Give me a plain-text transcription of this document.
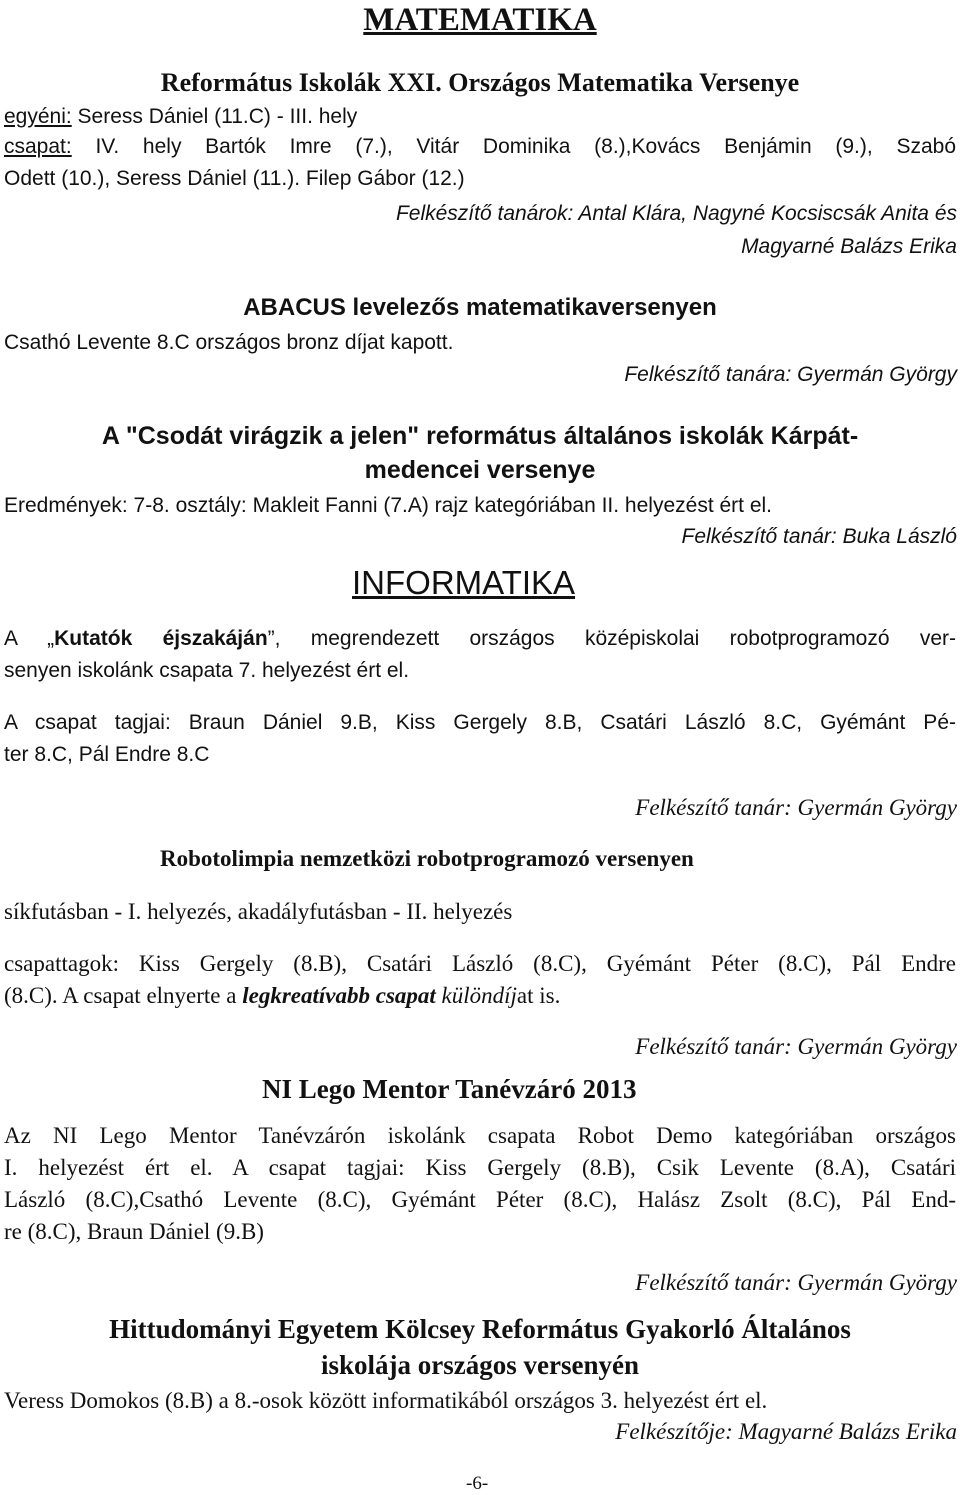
MATEMATIKA
Református Iskolák XXI. Országos Matematika Versenye
egyéni: Seress Dániel (11.C) - III. hely
csapat: IV. hely Bartók Imre (7.), Vitár Dominika (8.),Kovács Benjámin (9.), Szabó
Odett (10.), Seress Dániel (11.). Filep Gábor (12.)
Felkészítő tanárok: Antal Klára, Nagyné Kocsiscsák Anita és
Magyarné Balázs Erika
ABACUS levelezős matematikaversenyen
Csathó Levente 8.C országos bronz díjat kapott.
Felkészítő tanára: Gyermán György
A "Csodát virágzik a jelen" református általános iskolák Kárpát-
medencei versenye
Eredmények: 7-8. osztály: Makleit Fanni (7.A) rajz kategóriában II. helyezést ért el.
Felkészítő tanár: Buka László
INFORMATIKA
A „Kutatók éjszakáján”, megrendezett országos középiskolai robotprogramozó ver-
senyen iskolánk csapata 7. helyezést ért el.
A csapat tagjai: Braun Dániel 9.B, Kiss Gergely 8.B, Csatári László 8.C, Gyémánt Pé-
ter 8.C, Pál Endre 8.C
Felkészítő tanár: Gyermán György
Robotolimpia nemzetközi robotprogramozó versenyen
síkfutásban - I. helyezés, akadályfutásban - II. helyezés
csapattagok: Kiss Gergely (8.B), Csatári László (8.C), Gyémánt Péter (8.C), Pál Endre
(8.C). A csapat elnyerte a legkreatívabb csapat különdíjat is.
Felkészítő tanár: Gyermán György
NI Lego Mentor Tanévzáró 2013
Az NI Lego Mentor Tanévzárón iskolánk csapata Robot Demo kategóriában országos
I. helyezést ért el. A csapat tagjai: Kiss Gergely (8.B), Csik Levente (8.A), Csatári
László (8.C),Csathó Levente (8.C), Gyémánt Péter (8.C), Halász Zsolt (8.C), Pál End-
re (8.C), Braun Dániel (9.B)
Felkészítő tanár: Gyermán György
Hittudományi Egyetem Kölcsey Református Gyakorló Általános
iskolája országos versenyén
Veress Domokos (8.B) a 8.-osok között informatikából országos 3. helyezést ért el.
Felkészítője: Magyarné Balázs Erika
-6-
